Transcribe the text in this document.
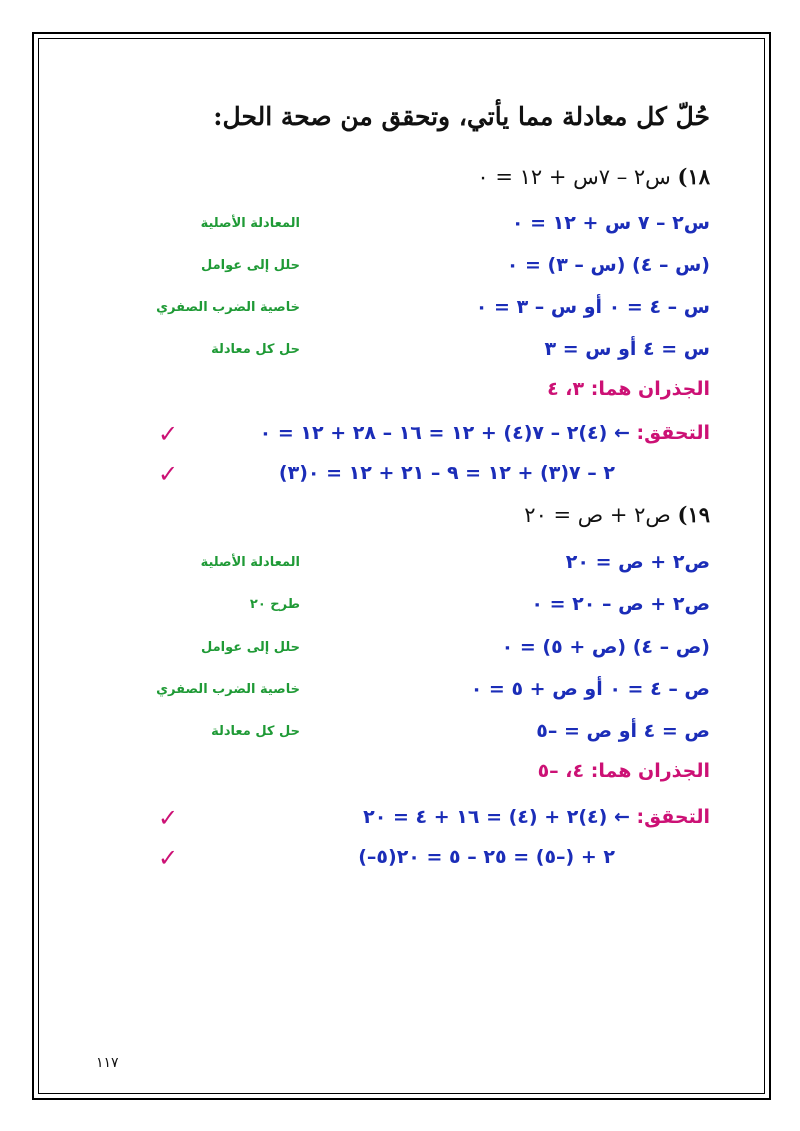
حُلّ كل معادلة مما يأتي، وتحقق من صحة الحل:
١٨) س٢ – ٧س + ١٢ = ٠
س٢ – ٧ س + ١٢ = ٠
المعادلة الأصلية
(س – ٤) (س – ٣) = ٠
حلل إلى عوامل
س – ٤ = ٠ أو س – ٣ = ٠
خاصية الضرب الصفري
س = ٤ أو س = ٣
حل كل معادلة
الجذران هما: ٣، ٤
التحقق: ← (٤)٢ – ٧(٤) + ١٢ = ١٦ – ٢٨ + ١٢ = ٠
✓
(٣)٢ – ٧(٣) + ١٢ = ٩ – ٢١ + ١٢ = ٠
✓
١٩) ص٢ + ص = ٢٠
ص٢ + ص = ٢٠
المعادلة الأصلية
ص٢ + ص – ٢٠ = ٠
طرح ٢٠
(ص – ٤) (ص + ٥) = ٠
حلل إلى عوامل
ص – ٤ = ٠ أو ص + ٥ = ٠
خاصية الضرب الصفري
ص = ٤ أو ص = –٥
حل كل معادلة
الجذران هما: ٤، –٥
التحقق: ← (٤)٢ + (٤) = ١٦ + ٤ = ٢٠
✓
(–٥)٢ + (–٥) = ٢٥ – ٥ = ٢٠
✓
١١٧
